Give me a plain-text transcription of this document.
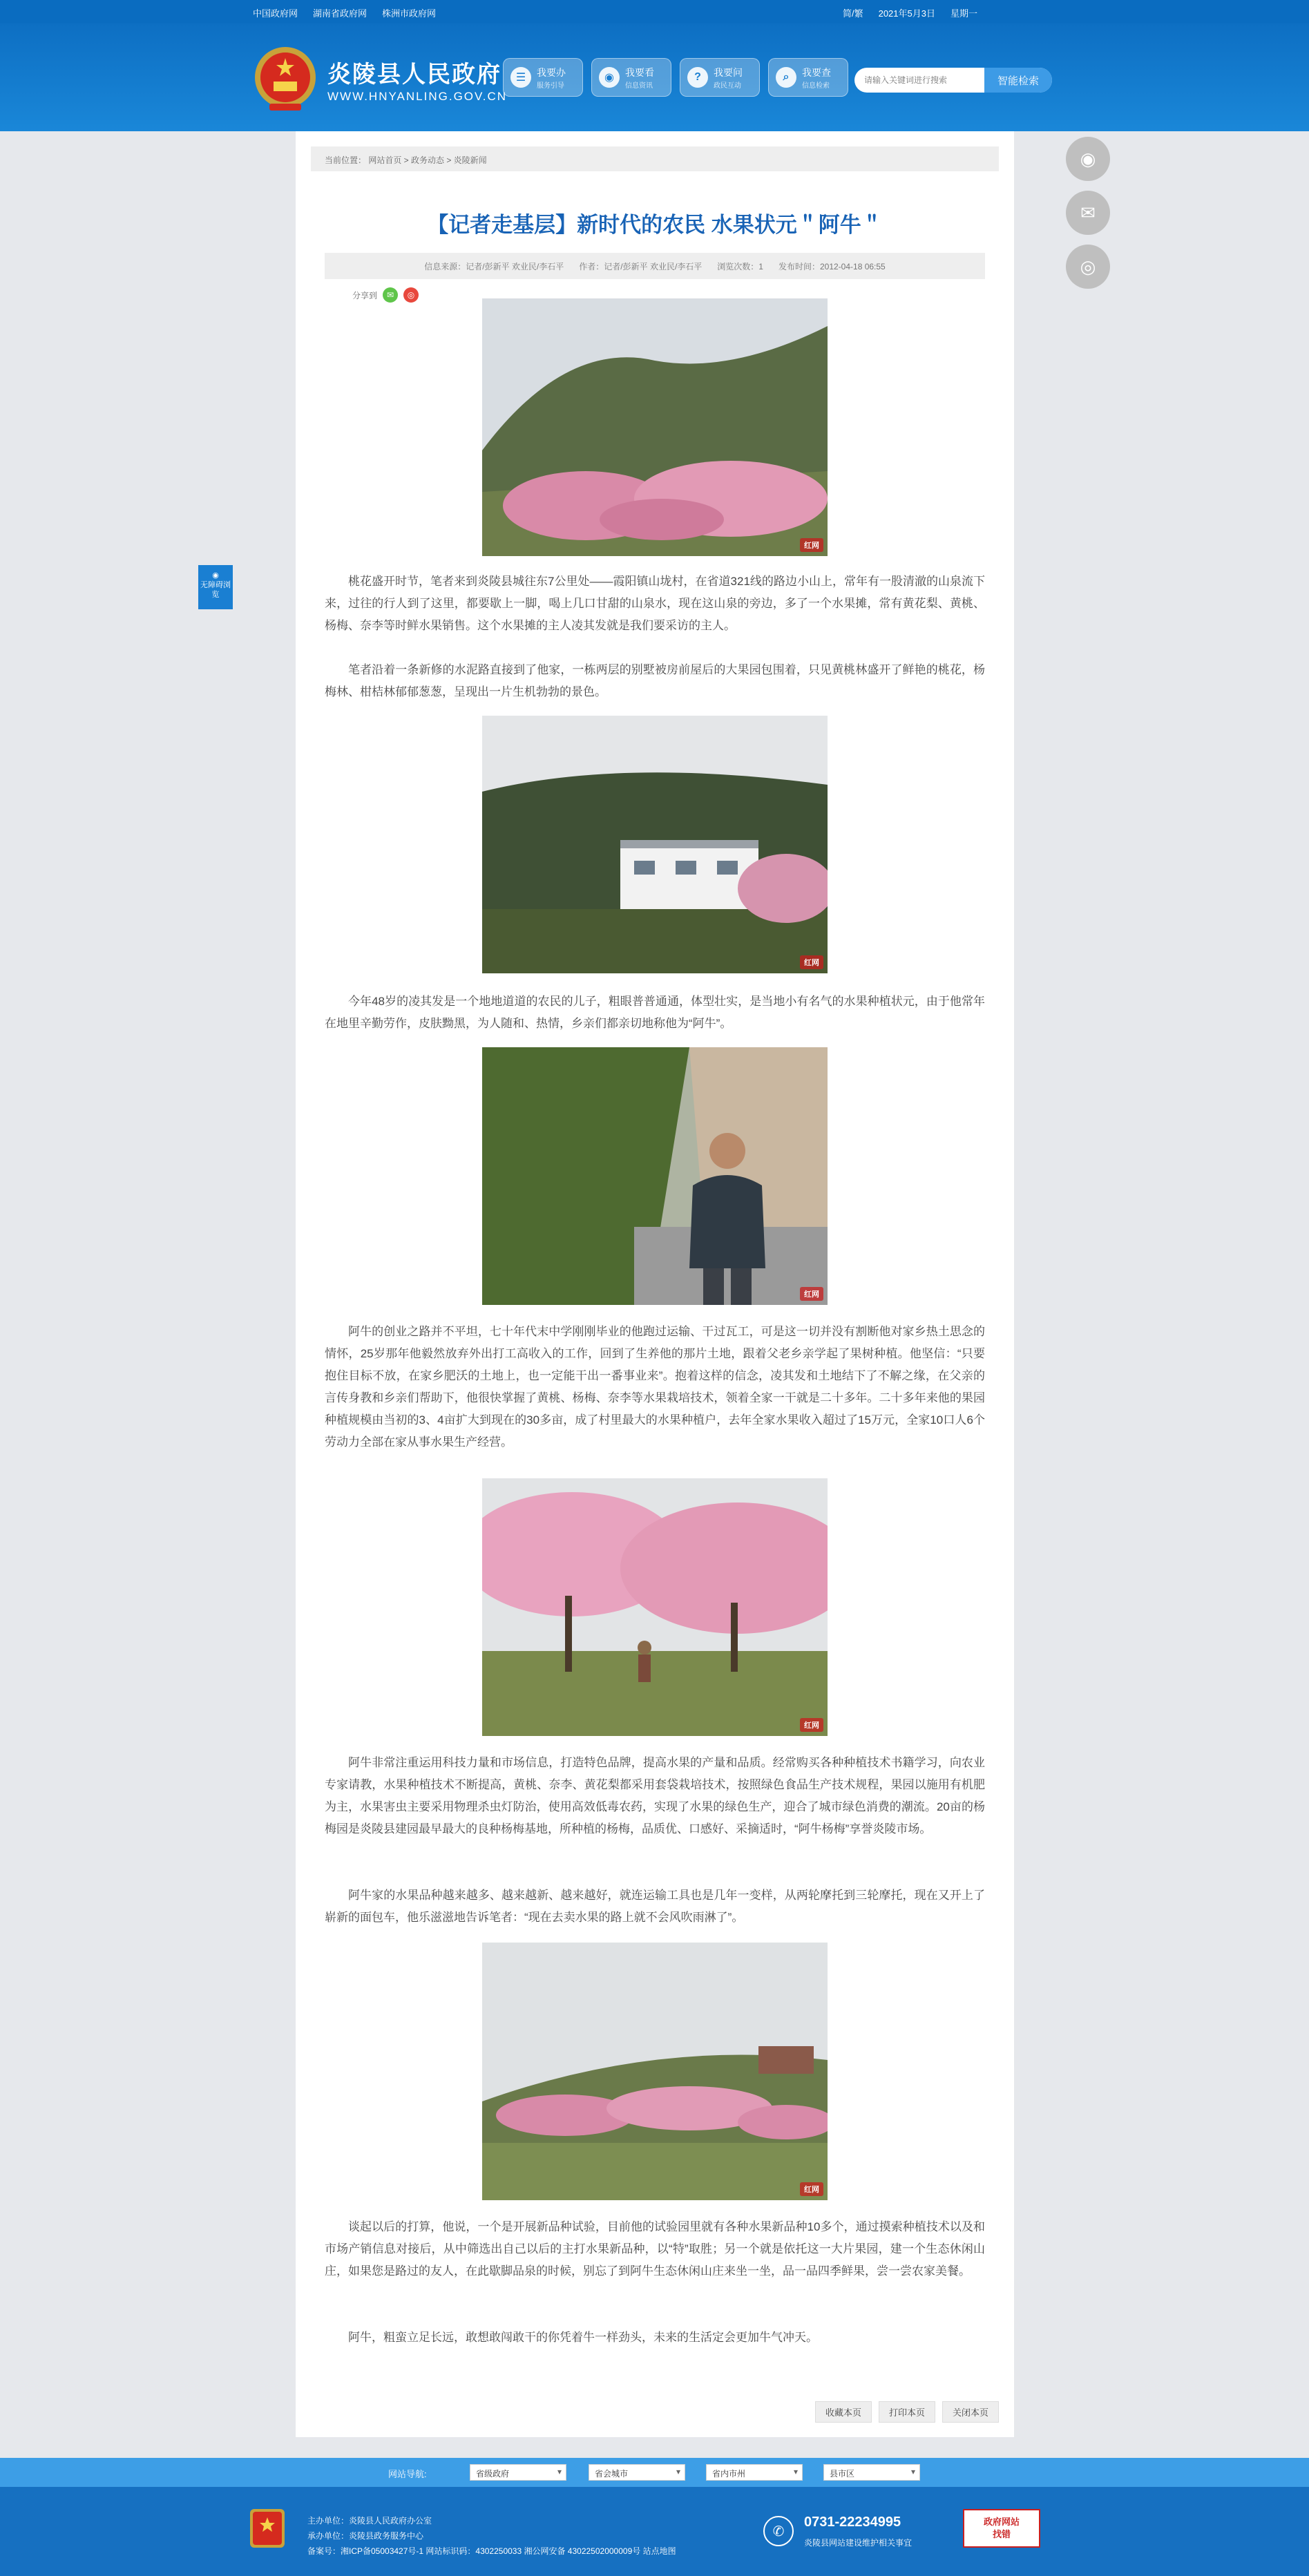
中国政府网 湖南省政府网 株洲市政府网	简/繁 2021年5月3日 星期一
炎陵县人民政府
WWW.HNYANLING.GOV.CN
☰	我要办
服务引导
◉	我要看
信息资讯
?	我要问
政民互动
⌕	我要查
信息检索
请输入关键词进行搜索	智能检索
◉
✉
◎
◉
无障碍浏览
当前位置： 网站首页 > 政务动态 > 炎陵新闻
【记者走基层】新时代的农民 水果状元＂阿牛＂
信息来源：记者/彭新平 欢业民/李石平 作者：记者/彭新平 欢业民/李石平 浏览次数：1 发布时间：2012-04-18 06:55
分享到	✉	◎
红网
桃花盛开时节，笔者来到炎陵县城往东7公里处——霞阳镇山垅村，在省道321线的路边小山上，常年有一股清澈的山泉流下来，过往的行人到了这里，都要歇上一脚，喝上几口甘甜的山泉水，现在这山泉的旁边，多了一个水果摊，常有黄花梨、黄桃、杨梅、奈李等时鲜水果销售。这个水果摊的主人凌其发就是我们要采访的主人。
笔者沿着一条新修的水泥路直接到了他家，一栋两层的别墅被房前屋后的大果园包围着，只见黄桃林盛开了鲜艳的桃花，杨梅林、柑桔林郁郁葱葱，呈现出一片生机勃勃的景色。
红网
今年48岁的凌其发是一个地地道道的农民的儿子，粗眼普普通通，体型壮实，是当地小有名气的水果种植状元，由于他常年在地里辛勤劳作，皮肤黝黑，为人随和、热情，乡亲们都亲切地称他为“阿牛”。
红网
阿牛的创业之路并不平坦，七十年代末中学刚刚毕业的他跑过运输、干过瓦工，可是这一切并没有割断他对家乡热土思念的情怀，25岁那年他毅然放弃外出打工高收入的工作，回到了生养他的那片土地，跟着父老乡亲学起了果树种植。他坚信：“只要抱住目标不放，在家乡肥沃的土地上，也一定能干出一番事业来”。抱着这样的信念，凌其发和土地结下了不解之缘，在父亲的言传身教和乡亲们帮助下，他很快掌握了黄桃、杨梅、奈李等水果栽培技术，领着全家一干就是二十多年。二十多年来他的果园种植规模由当初的3、4亩扩大到现在的30多亩，成了村里最大的水果种植户，去年全家水果收入超过了15万元，全家10口人6个劳动力全部在家从事水果生产经营。
红网
阿牛非常注重运用科技力量和市场信息，打造特色品牌，提高水果的产量和品质。经常购买各种种植技术书籍学习，向农业专家请教，水果种植技术不断提高，黄桃、奈李、黄花梨都采用套袋栽培技术，按照绿色食品生产技术规程，果园以施用有机肥为主，水果害虫主要采用物理杀虫灯防治，使用高效低毒农药，实现了水果的绿色生产，迎合了城市绿色消费的潮流。20亩的杨梅园是炎陵县建园最早最大的良种杨梅基地，所种植的杨梅，品质优、口感好、采摘适时，“阿牛杨梅”享誉炎陵市场。
阿牛家的水果品种越来越多、越来越新、越来越好，就连运输工具也是几年一变样，从两轮摩托到三轮摩托，现在又开上了崭新的面包车，他乐滋滋地告诉笔者：“现在去卖水果的路上就不会风吹雨淋了”。
红网
谈起以后的打算，他说，一个是开展新品种试验，目前他的试验园里就有各种水果新品种10多个，通过摸索种植技术以及和市场产销信息对接后，从中筛选出自己以后的主打水果新品种，以“特”取胜；另一个就是依托这一大片果园，建一个生态休闲山庄，如果您是路过的友人，在此歇脚品泉的时候，别忘了到阿牛生态休闲山庄来坐一坐，品一品四季鲜果，尝一尝农家美餐。
阿牛，粗蛮立足长远，敢想敢闯敢干的你凭着牛一样劲头，未来的生活定会更加牛气冲天。
收藏本页	打印本页	关闭本页
网站导航:	省级政府 ▾	省会城市 ▾	省内市州 ▾	县市区 ▾
主办单位：炎陵县人民政府办公室
承办单位：炎陵县政务服务中心
备案号：湘ICP备05003427号-1 网站标识码：4302250033 湘公网安备 43022502000009号 站点地图
✆
0731-22234995
炎陵县网站建设维护相关事宜
政府网站
找错
